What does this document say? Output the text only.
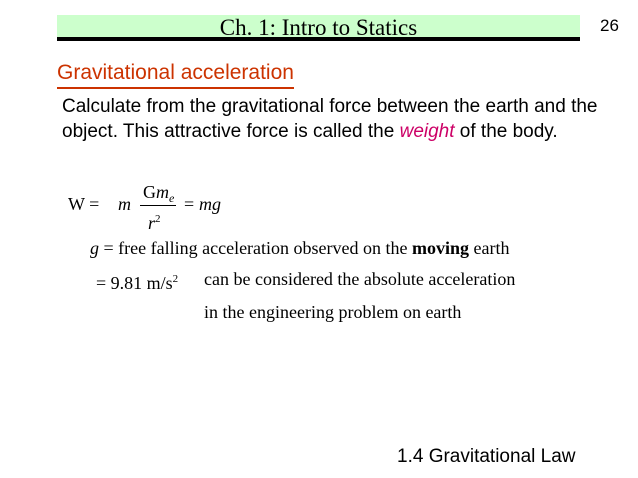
Ch. 1: Intro to Statics	26
Gravitational acceleration
Calculate from the gravitational force between the earth and the object. This attractive force is called the weight of the body.
W = m
$Gm_e$
$r^2$
= mg
g = free falling acceleration observed on the moving earth
= 9.81 $m/s^2$ can be considered the absolute acceleration
in the engineering problem on earth
1.4 Gravitational Law
